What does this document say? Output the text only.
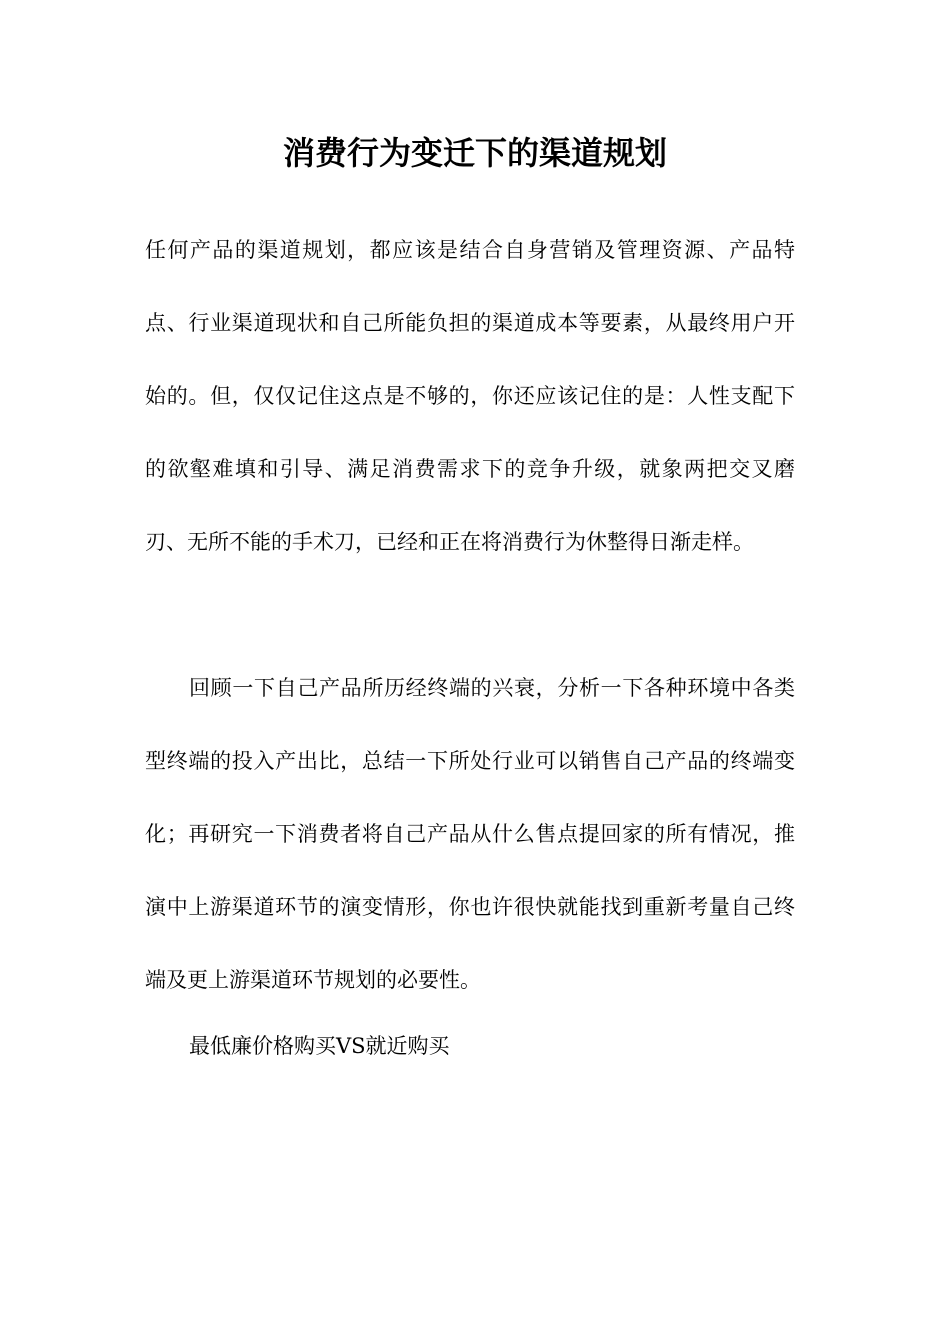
消费行为变迁下的渠道规划

任何产品的渠道规划，都应该是结合自身营销及管理资源、产品特点、行业渠道现状和自己所能负担的渠道成本等要素，从最终用户开始的。但，仅仅记住这点是不够的，你还应该记住的是：人性支配下的欲壑难填和引导、满足消费需求下的竞争升级，就象两把交叉磨刃、无所不能的手术刀，已经和正在将消费行为休整得日渐走样。

回顾一下自己产品所历经终端的兴衰，分析一下各种环境中各类型终端的投入产出比，总结一下所处行业可以销售自己产品的终端变化；再研究一下消费者将自己产品从什么售点提回家的所有情况，推演中上游渠道环节的演变情形，你也许很快就能找到重新考量自己终端及更上游渠道环节规划的必要性。

最低廉价格购买VS就近购买
